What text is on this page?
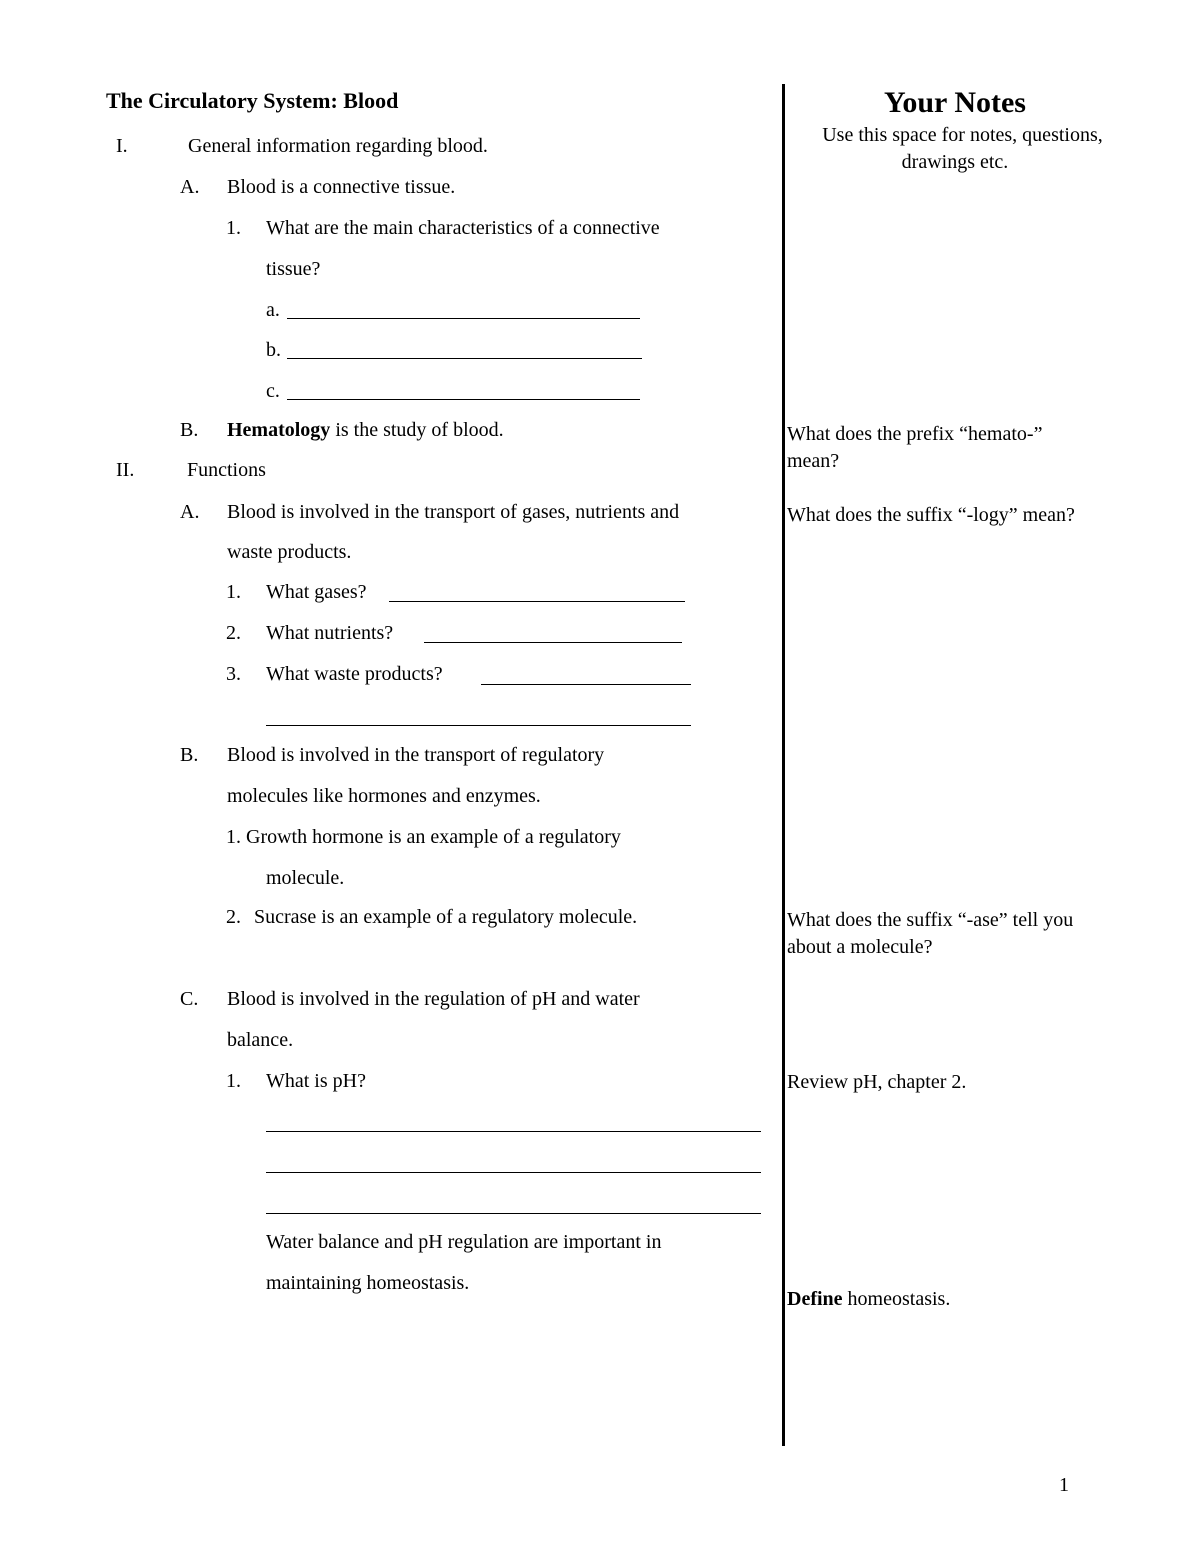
The Circulatory System: Blood	Your Notes
Use this space for notes, questions,
drawings etc.
I.	General information regarding blood.
A. Blood is a connective tissue.
1. What are the main characteristics of a connective
tissue?
a.
b.
c.
B. Hematology is the study of blood.
II.	Functions
A. Blood is involved in the transport of gases, nutrients and
waste products.
1. What gases?
2. What nutrients?
3. What waste products?
B. Blood is involved in the transport of regulatory
molecules like hormones and enzymes.
1. Growth hormone is an example of a regulatory
molecule.
2. Sucrase is an example of a regulatory molecule.
C. Blood is involved in the regulation of pH and water
balance.
1. What is pH?
Water balance and pH regulation are important in
maintaining homeostasis.
What does the prefix “hemato-”
mean?
What does the suffix “-logy” mean?
What does the suffix “-ase” tell you
about a molecule?
Review pH, chapter 2.
Define homeostasis.
1
